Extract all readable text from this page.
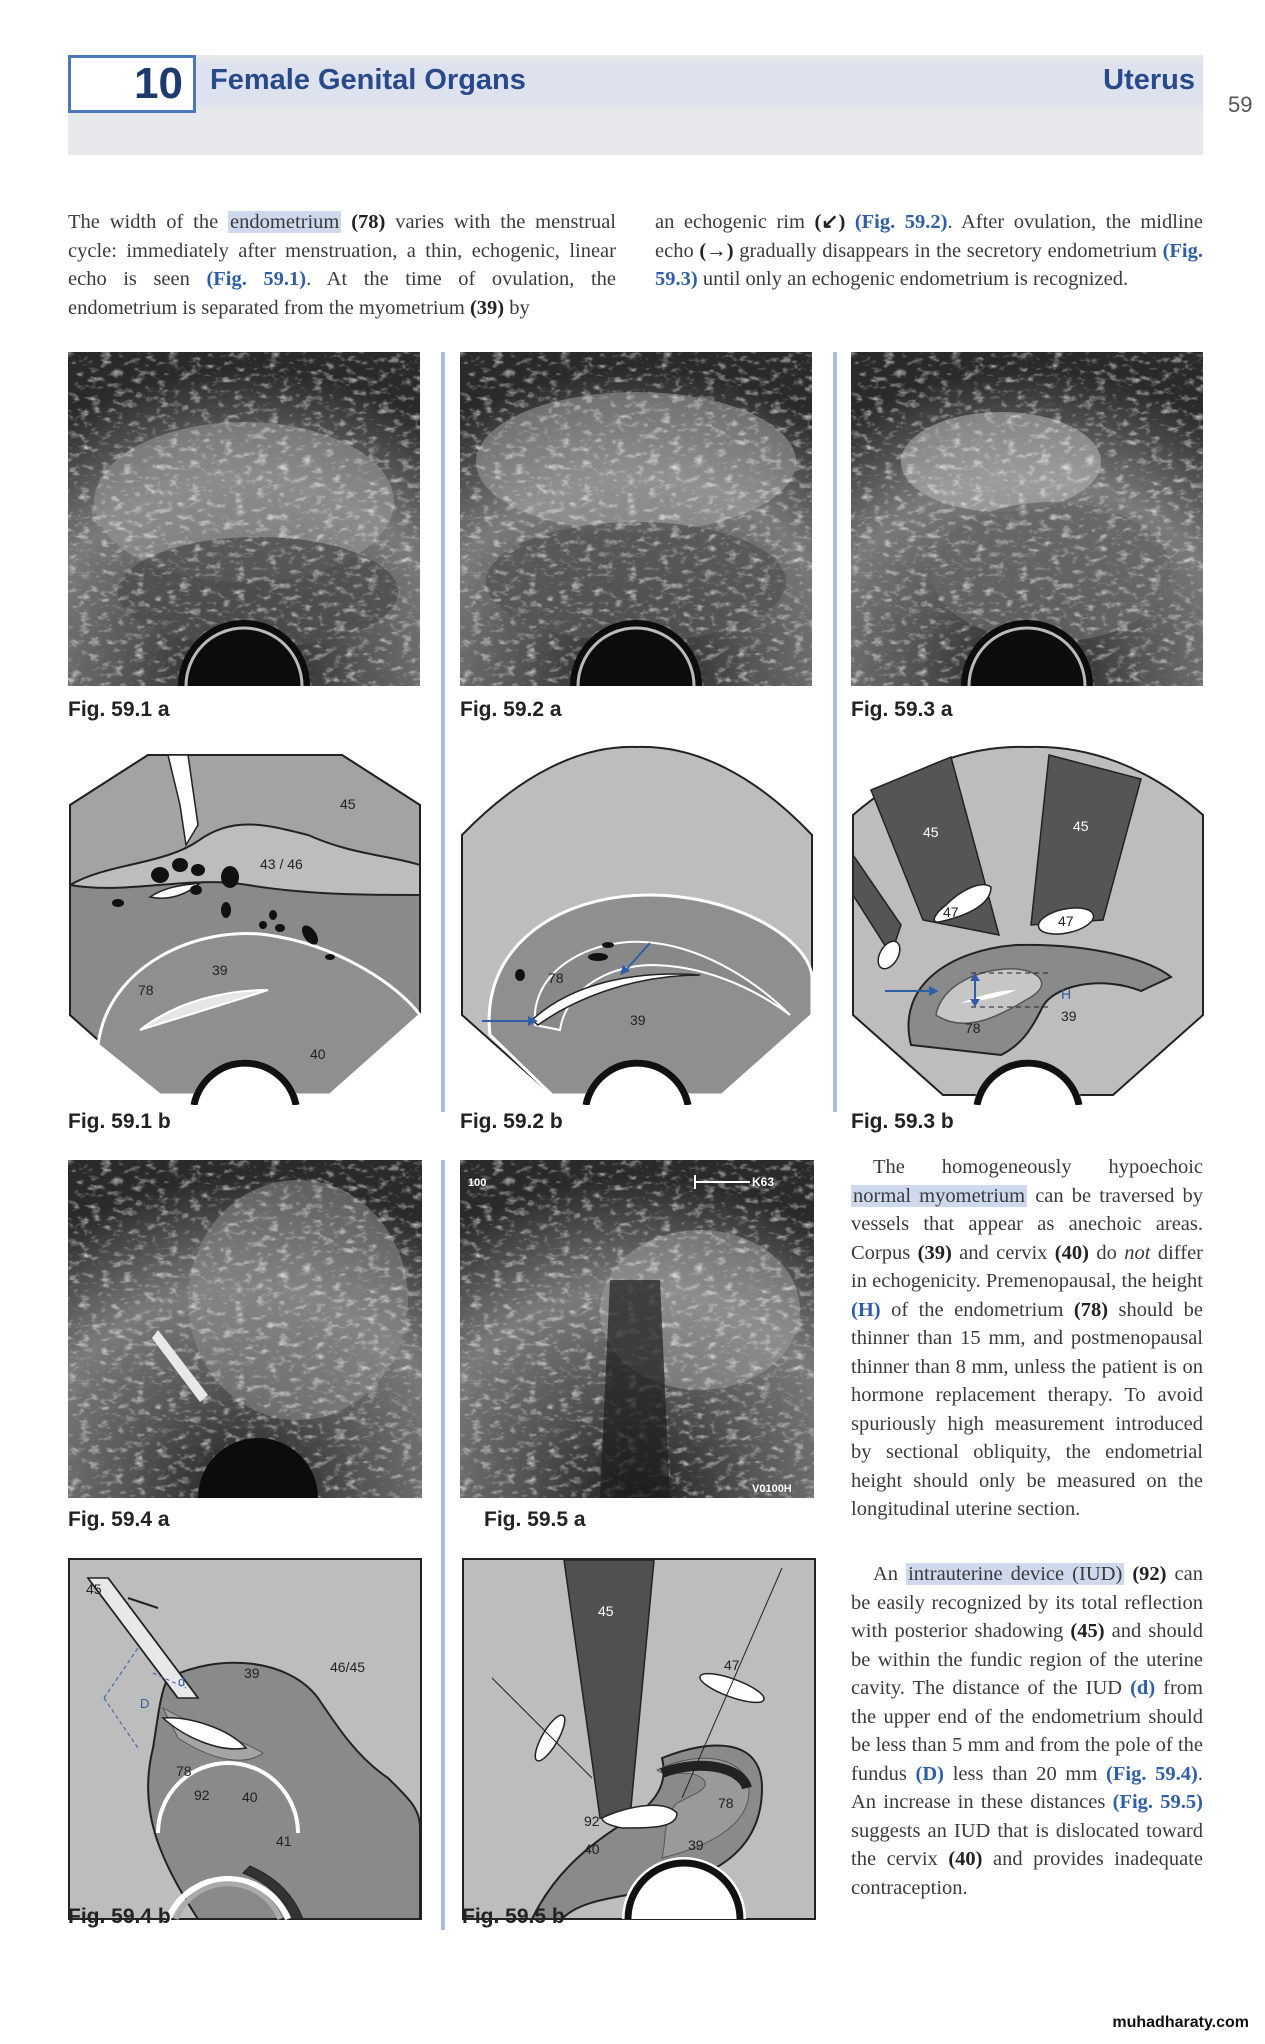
10 Female Genital Organs	Uterus
59
The width of the endometrium (78) varies with the menstrual cycle: immediately after menstruation, a thin, echogenic, linear echo is seen (Fig. 59.1). At the time of ovulation, the endometrium is separated from the myometrium (39) by
an echogenic rim (↙) (Fig. 59.2). After ovulation, the midline echo (→) gradually disappears in the secretory endometrium (Fig. 59.3) until only an echogenic endometrium is recognized.
Fig. 59.1 a	Fig. 59.2 a	Fig. 59.3 a
45
43 / 46
39
78
40
78
39
45	45
47
47
H
39
78
Fig. 59.1 b	Fig. 59.2 b	Fig. 59.3 b
100	K63
V0100H
Fig. 59.4 a	Fig. 59.5 a
45
39	46/45
D
d
78
92 40
41
45
47
78
92
40	39
Fig. 59.4 b	Fig. 59.5 b
The homogeneously hypoechoic normal myometrium can be traversed by vessels that appear as anechoic areas. Corpus (39) and cervix (40) do not differ in echogenicity. Premenopausal, the height (H) of the endometrium (78) should be thinner than 15 mm, and postmenopausal thinner than 8 mm, unless the patient is on hormone replacement therapy. To avoid spuriously high measurement introduced by sectional obliquity, the endometrial height should only be measured on the longitudinal uterine section.
An intrauterine device (IUD) (92) can be easily recognized by its total reflection with posterior shadowing (45) and should be within the fundic region of the uterine cavity. The distance of the IUD (d) from the upper end of the endometrium should be less than 5 mm and from the pole of the fundus (D) less than 20 mm (Fig. 59.4). An increase in these distances (Fig. 59.5) suggests an IUD that is dislocated toward the cervix (40) and provides inadequate contraception.
muhadharaty.com
